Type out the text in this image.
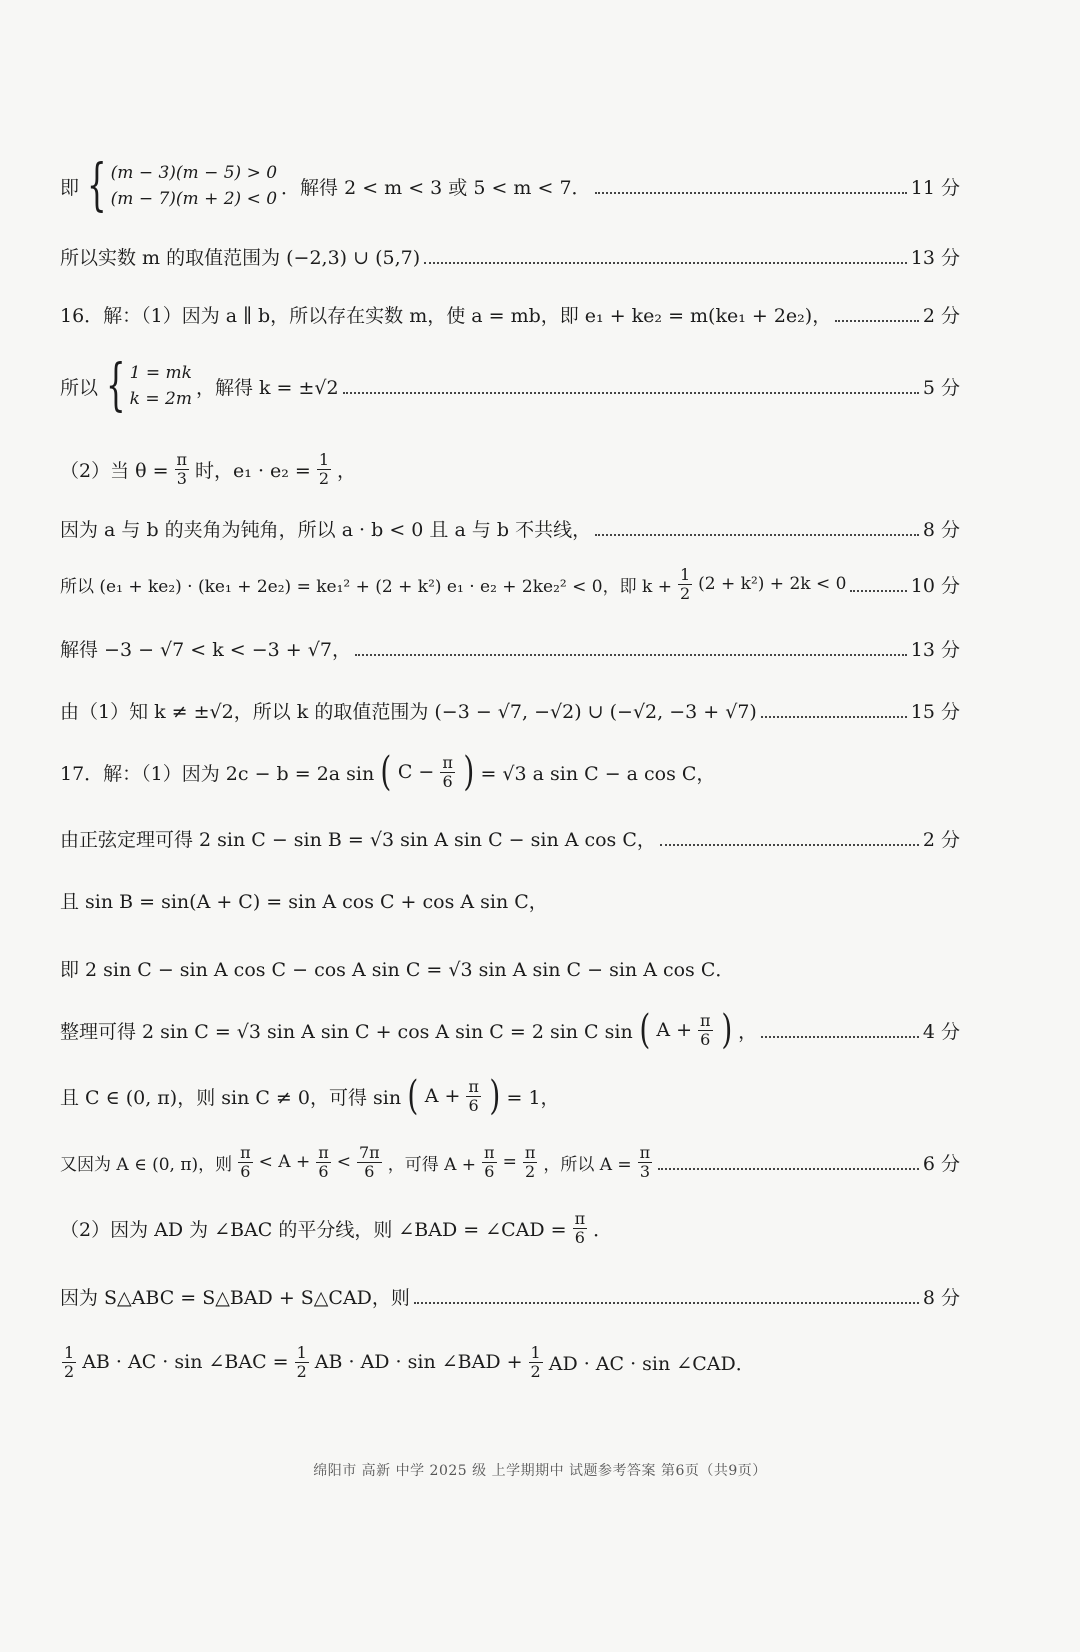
即 { (m − 3)(m − 5) > 0
(m − 7)(m + 2) < 0
．解得 2 < m < 3 或 5 < m < 7．	11 分
所以实数 m 的取值范围为 (−2,3) ∪ (5,7)	13 分
16．解：（1）因为 a ∥ b，所以存在实数 m，使 a = mb，即 e₁ + ke₂ = m(ke₁ + 2e₂)，	2 分
所以 { 1 = mk
k = 2m
，解得 k = ±√2	5 分
（2）当 $\theta = \frac{\pi}{3}$ 时，$e_1 \cdot e_2 = \frac{1}{2}$ ，
因为 a 与 b 的夹角为钝角，所以 a · b < 0 且 a 与 b 不共线，	8 分
所以 (e₁ + ke₂) · (ke₁ + 2e₂) = ke₁² + (2 + k²) e₁ · e₂ + 2ke₂² < 0，即 $k + \frac{1}{2} (2 + k^2) + 2k < 0$	10 分
解得 −3 − √7 < k < −3 + √7，	13 分
由（1）知 k ≠ ±√2，所以 k 的取值范围为 (−3 − √7, −√2) ∪ (−√2, −3 + √7)	15 分
17．解：（1）因为 2c − b = 2a sin ( $C - \frac{\pi}{6}$ ) = √3 a sin C − a cos C，
由正弦定理可得 2 sin C − sin B = √3 sin A sin C − sin A cos C，	2 分
且 sin B = sin(A + C) = sin A cos C + cos A sin C，
即 2 sin C − sin A cos C − cos A sin C = √3 sin A sin C − sin A cos C．
整理可得 2 sin C = √3 sin A sin C + cos A sin C = 2 sin C sin ( $A + \frac{\pi}{6}$ ) ，	4 分
且 C ∈ (0, π)，则 sin C ≠ 0，可得 sin ( $A + \frac{\pi}{6}$ ) = 1，
又因为 A ∈ (0, π)，则 $\frac{\pi}{6} < A + \frac{\pi}{6} < \frac{7\pi}{6}$ ，可得 $A + \frac{\pi}{6} = \frac{\pi}{2}$ ，所以 $A = \frac{\pi}{3}$	6 分
（2）因为 AD 为 ∠BAC 的平分线，则 ∠BAD = ∠CAD = $\frac{\pi}{6}$ ．
因为 S△ABC = S△BAD + S△CAD，则	8 分
$\frac{1}{2}$ AB · AC · sin ∠BAC = $\frac{1}{2}$ AB · AD · sin ∠BAD + $\frac{1}{2}$ AD · AC · sin ∠CAD．
绵阳市 高新 中学 2025 级 上学期期中 试题参考答案 第6页（共9页）
